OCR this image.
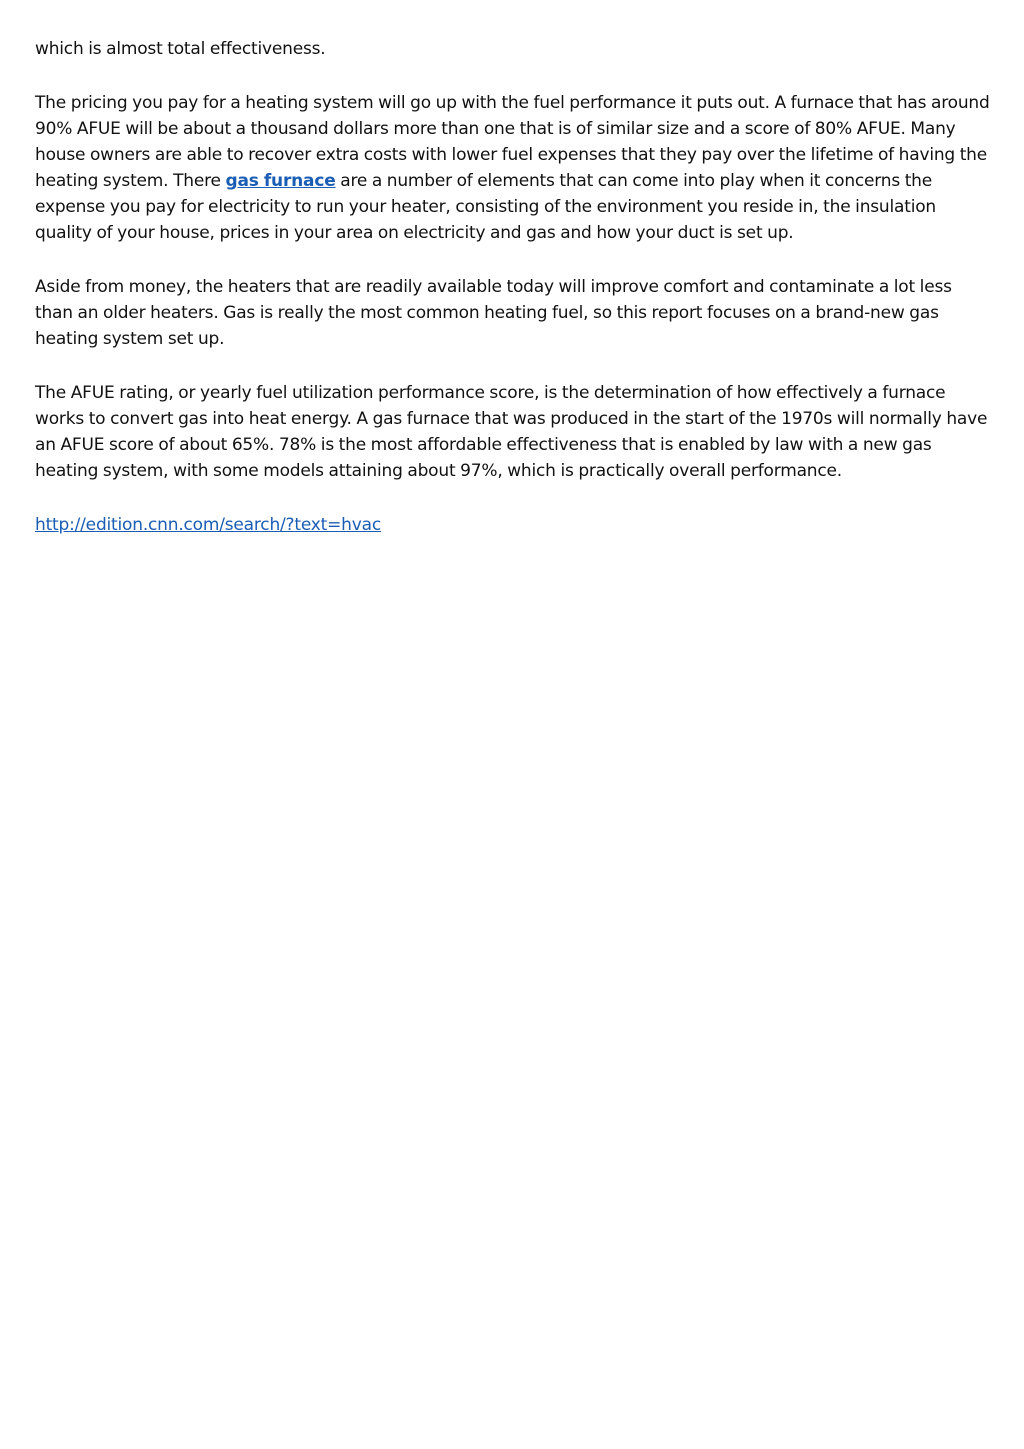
which is almost total effectiveness.

The pricing you pay for a heating system will go up with the fuel performance it puts out. A furnace that has around 90% AFUE will be about a thousand dollars more than one that is of similar size and a score of 80% AFUE. Many house owners are able to recover extra costs with lower fuel expenses that they pay over the lifetime of having the heating system. There gas furnace are a number of elements that can come into play when it concerns the expense you pay for electricity to run your heater, consisting of the environment you reside in, the insulation quality of your house, prices in your area on electricity and gas and how your duct is set up.

Aside from money, the heaters that are readily available today will improve comfort and contaminate a lot less than an older heaters. Gas is really the most common heating fuel, so this report focuses on a brand-new gas heating system set up.

The AFUE rating, or yearly fuel utilization performance score, is the determination of how effectively a furnace works to convert gas into heat energy. A gas furnace that was produced in the start of the 1970s will normally have an AFUE score of about 65%. 78% is the most affordable effectiveness that is enabled by law with a new gas heating system, with some models attaining about 97%, which is practically overall performance.

http://edition.cnn.com/search/?text=hvac
